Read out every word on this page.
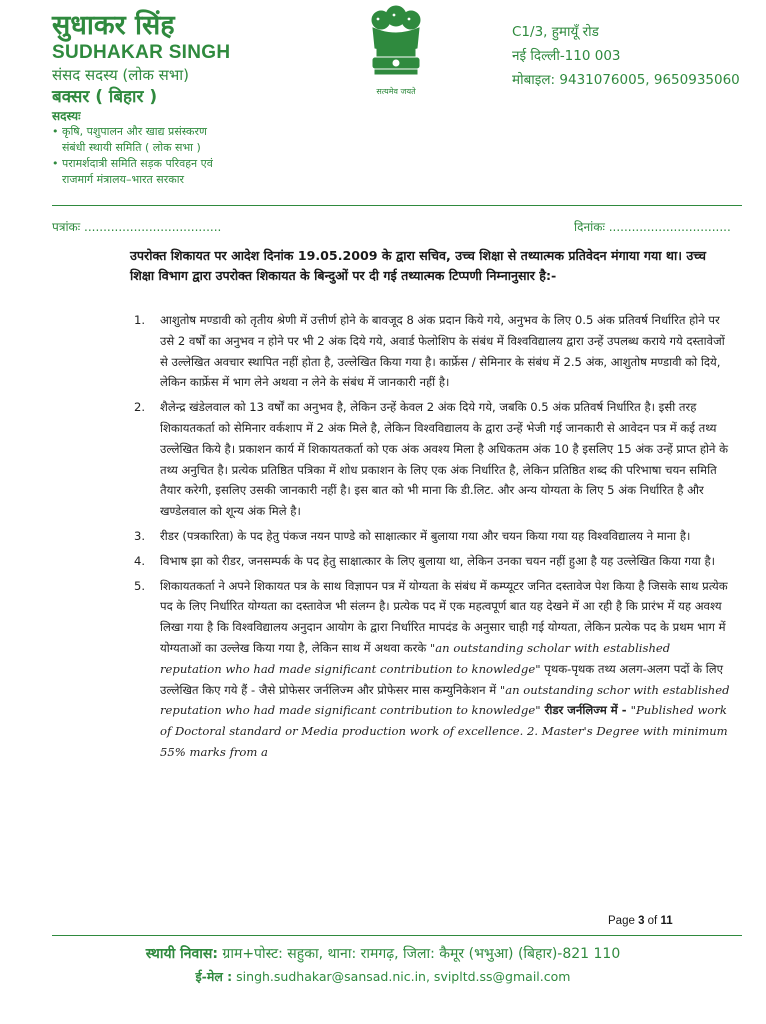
सुधाकर सिंह
SUDHAKAR SINGH
संसद सदस्य (लोक सभा)
बक्सर ( बिहार )
सदस्यः
• कृषि, पशुपालन और खाद्य प्रसंस्करण
संबंधी स्थायी समिति ( लोक सभा )
• परामर्शदात्री समिति सड़क परिवहन एवं
राजमार्ग मंत्रालय–भारत सरकार
सत्यमेव जयते
C1/3, हुमायूँ रोड
नई दिल्ली-110 003
मोबाइल: 9431076005, 9650935060
पत्रांकः ....................................	दिनांकः ................................
उपरोक्त शिकायत पर आदेश दिनांक 19.05.2009 के द्वारा सचिव, उच्च शिक्षा से तथ्यात्मक प्रतिवेदन मंगाया गया था। उच्च शिक्षा विभाग द्वारा उपरोक्त शिकायत के बिन्दुओं पर दी गई तथ्यात्मक टिप्पणी निम्नानुसार है:-
1. आशुतोष मण्डावी को तृतीय श्रेणी में उत्तीर्ण होने के बावजूद 8 अंक प्रदान किये गये, अनुभव के लिए 0.5 अंक प्रतिवर्ष निर्धारित होने पर उसे 2 वर्षों का अनुभव न होने पर भी 2 अंक दिये गये, अवार्ड फेलोशिप के संबंध में विश्वविद्यालय द्वारा उन्हें उपलब्ध कराये गये दस्तावेजों से उल्लेखित अवचार स्थापित नहीं होता है, उल्लेखित किया गया है। कार्फ्रेस / सेमिनार के संबंध में 2.5 अंक, आशुतोष मण्डावी को दिये, लेकिन कार्फ्रेस में भाग लेने अथवा न लेने के संबंध में जानकारी नहीं है।
2. शैलेन्द्र खंडेलवाल को 13 वर्षों का अनुभव है, लेकिन उन्हें केवल 2 अंक दिये गये, जबकि 0.5 अंक प्रतिवर्ष निर्धारित है। इसी तरह शिकायतकर्ता को सेमिनार वर्कशाप में 2 अंक मिले है, लेकिन विश्वविद्यालय के द्वारा उन्हें भेजी गई जानकारी से आवेदन पत्र में कई तथ्य उल्लेखित किये है। प्रकाशन कार्य में शिकायतकर्ता को एक अंक अवश्य मिला है अधिकतम अंक 10 है इसलिए 15 अंक उन्हें प्राप्त होने के तथ्य अनुचित है। प्रत्येक प्रतिष्ठित पत्रिका में शोध प्रकाशन के लिए एक अंक निर्धारित है, लेकिन प्रतिष्ठित शब्द की परिभाषा चयन समिति तैयार करेगी, इसलिए उसकी जानकारी नहीं है। इस बात को भी माना कि डी.लिट. और अन्य योग्यता के लिए 5 अंक निर्धारित है और खण्डेलवाल को शून्य अंक मिले है।
3. रीडर (पत्रकारिता) के पद हेतु पंकज नयन पाण्डे को साक्षात्कार में बुलाया गया और चयन किया गया यह विश्वविद्यालय ने माना है।
4. विभाष झा को रीडर, जनसम्पर्क के पद हेतु साक्षात्कार के लिए बुलाया था, लेकिन उनका चयन नहीं हुआ है यह उल्लेखित किया गया है।
5. शिकायतकर्ता ने अपने शिकायत पत्र के साथ विज्ञापन पत्र में योग्यता के संबंध में कम्प्यूटर जनित दस्तावेज पेश किया है जिसके साथ प्रत्येक पद के लिए निर्धारित योग्यता का दस्तावेज भी संलग्न है। प्रत्येक पद में एक महत्वपूर्ण बात यह देखने में आ रही है कि प्रारंभ में यह अवश्य लिखा गया है कि विश्वविद्यालय अनुदान आयोग के द्वारा निर्धारित मापदंड के अनुसार चाही गई योग्यता, लेकिन प्रत्येक पद के प्रथम भाग में योग्यताओं का उल्लेख किया गया है, लेकिन साथ में अथवा करके "an outstanding scholar with established reputation who had made significant contribution to knowledge" पृथक-पृथक तथ्य अलग-अलग पदों के लिए उल्लेखित किए गये हैं - जैसे प्रोफेसर जर्नलिज्म और प्रोफेसर मास कम्युनिकेशन में "an outstanding schor with established reputation who had made significant contribution to knowledge" रीडर जर्नलिज्म में - "Published work of Doctoral standard or Media production work of excellence. 2. Master's Degree with minimum 55% marks from a
Page 3 of 11
स्थायी निवास: ग्राम+पोस्ट: सहुका, थाना: रामगढ़, जिला: कैमूर (भभुआ) (बिहार)-821 110
ई-मेल : singh.sudhakar@sansad.nic.in, svipltd.ss@gmail.com
